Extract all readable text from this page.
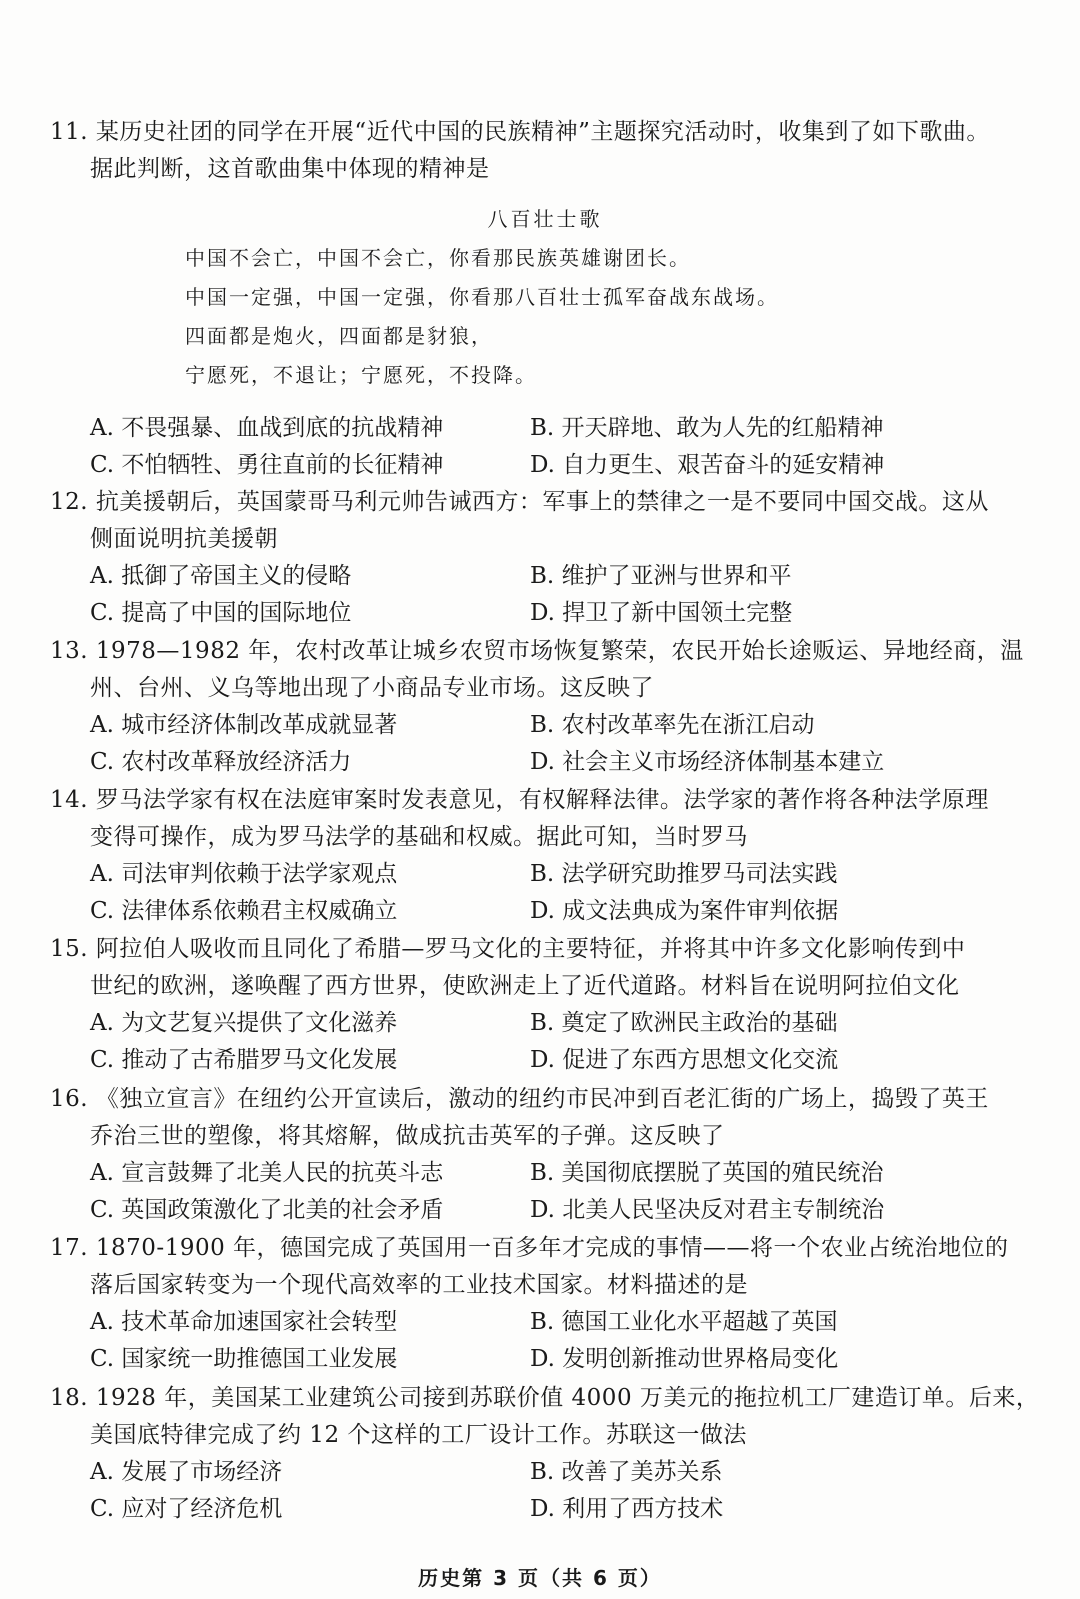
11. 某历史社团的同学在开展“近代中国的民族精神”主题探究活动时，收集到了如下歌曲。
据此判断，这首歌曲集中体现的精神是
八百壮士歌
中国不会亡，中国不会亡，你看那民族英雄谢团长。
中国一定强，中国一定强，你看那八百壮士孤军奋战东战场。
四面都是炮火，四面都是豺狼，
宁愿死，不退让；宁愿死，不投降。
A. 不畏强暴、血战到底的抗战精神	B. 开天辟地、敢为人先的红船精神
C. 不怕牺牲、勇往直前的长征精神	D. 自力更生、艰苦奋斗的延安精神
12. 抗美援朝后，英国蒙哥马利元帅告诫西方：军事上的禁律之一是不要同中国交战。这从
侧面说明抗美援朝
A. 抵御了帝国主义的侵略	B. 维护了亚洲与世界和平
C. 提高了中国的国际地位	D. 捍卫了新中国领土完整
13. 1978—1982 年，农村改革让城乡农贸市场恢复繁荣，农民开始长途贩运、异地经商，温
州、台州、义乌等地出现了小商品专业市场。这反映了
A. 城市经济体制改革成就显著	B. 农村改革率先在浙江启动
C. 农村改革释放经济活力	D. 社会主义市场经济体制基本建立
14. 罗马法学家有权在法庭审案时发表意见，有权解释法律。法学家的著作将各种法学原理
变得可操作，成为罗马法学的基础和权威。据此可知，当时罗马
A. 司法审判依赖于法学家观点	B. 法学研究助推罗马司法实践
C. 法律体系依赖君主权威确立	D. 成文法典成为案件审判依据
15. 阿拉伯人吸收而且同化了希腊—罗马文化的主要特征，并将其中许多文化影响传到中
世纪的欧洲，遂唤醒了西方世界，使欧洲走上了近代道路。材料旨在说明阿拉伯文化
A. 为文艺复兴提供了文化滋养	B. 奠定了欧洲民主政治的基础
C. 推动了古希腊罗马文化发展	D. 促进了东西方思想文化交流
16. 《独立宣言》在纽约公开宣读后，激动的纽约市民冲到百老汇街的广场上，捣毁了英王
乔治三世的塑像，将其熔解，做成抗击英军的子弹。这反映了
A. 宣言鼓舞了北美人民的抗英斗志	B. 美国彻底摆脱了英国的殖民统治
C. 英国政策激化了北美的社会矛盾	D. 北美人民坚决反对君主专制统治
17. 1870-1900 年，德国完成了英国用一百多年才完成的事情——将一个农业占统治地位的
落后国家转变为一个现代高效率的工业技术国家。材料描述的是
A. 技术革命加速国家社会转型	B. 德国工业化水平超越了英国
C. 国家统一助推德国工业发展	D. 发明创新推动世界格局变化
18. 1928 年，美国某工业建筑公司接到苏联价值 4000 万美元的拖拉机工厂建造订单。后来，
美国底特律完成了约 12 个这样的工厂设计工作。苏联这一做法
A. 发展了市场经济	B. 改善了美苏关系
C. 应对了经济危机	D. 利用了西方技术
历史第 3 页（共 6 页）
